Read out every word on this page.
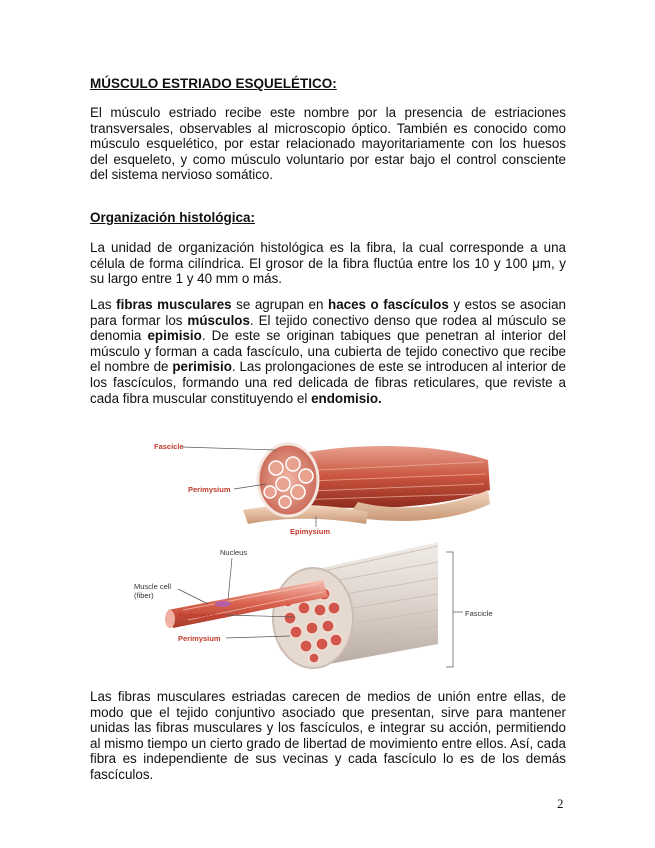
MÚSCULO ESTRIADO ESQUELÉTICO:

El músculo estriado recibe este nombre por la presencia de estriaciones transversales, observables al microscopio óptico. También es conocido como músculo esquelético, por estar relacionado mayoritariamente con los huesos del esqueleto, y como músculo voluntario por estar bajo el control consciente del sistema nervioso somático.

Organización histológica:

La unidad de organización histológica es la fibra, la cual corresponde a una célula de forma cilíndrica. El grosor de la fibra fluctúa entre los 10 y 100 μm, y su largo entre 1 y 40 mm o más.

Las fibras musculares se agrupan en haces o fascículos y estos se asocian para formar los músculos. El tejido conectivo denso que rodea al músculo se denomia epimisio. De este se originan tabiques que penetran al interior del músculo y forman a cada fascículo, una cubierta de tejido conectivo que recibe el nombre de perimisio. Las prolongaciones de este se introducen al interior de los fascículos, formando una red delicada de fibras reticulares, que reviste a cada fibra muscular constituyendo el endomisio.

Fascicle
Perimysium
Epimysium
Nucleus
Muscle cell
(fiber)
Endomysium
Perimysium
Fascicle

Las fibras musculares estriadas carecen de medios de unión entre ellas, de modo que el tejido conjuntivo asociado que presentan, sirve para mantener unidas las fibras musculares y los fascículos, e integrar su acción, permitiendo al mismo tiempo un cierto grado de libertad de movimiento entre ellos. Así, cada fibra es independiente de sus vecinas y cada fascículo lo es de los demás fascículos.

2
